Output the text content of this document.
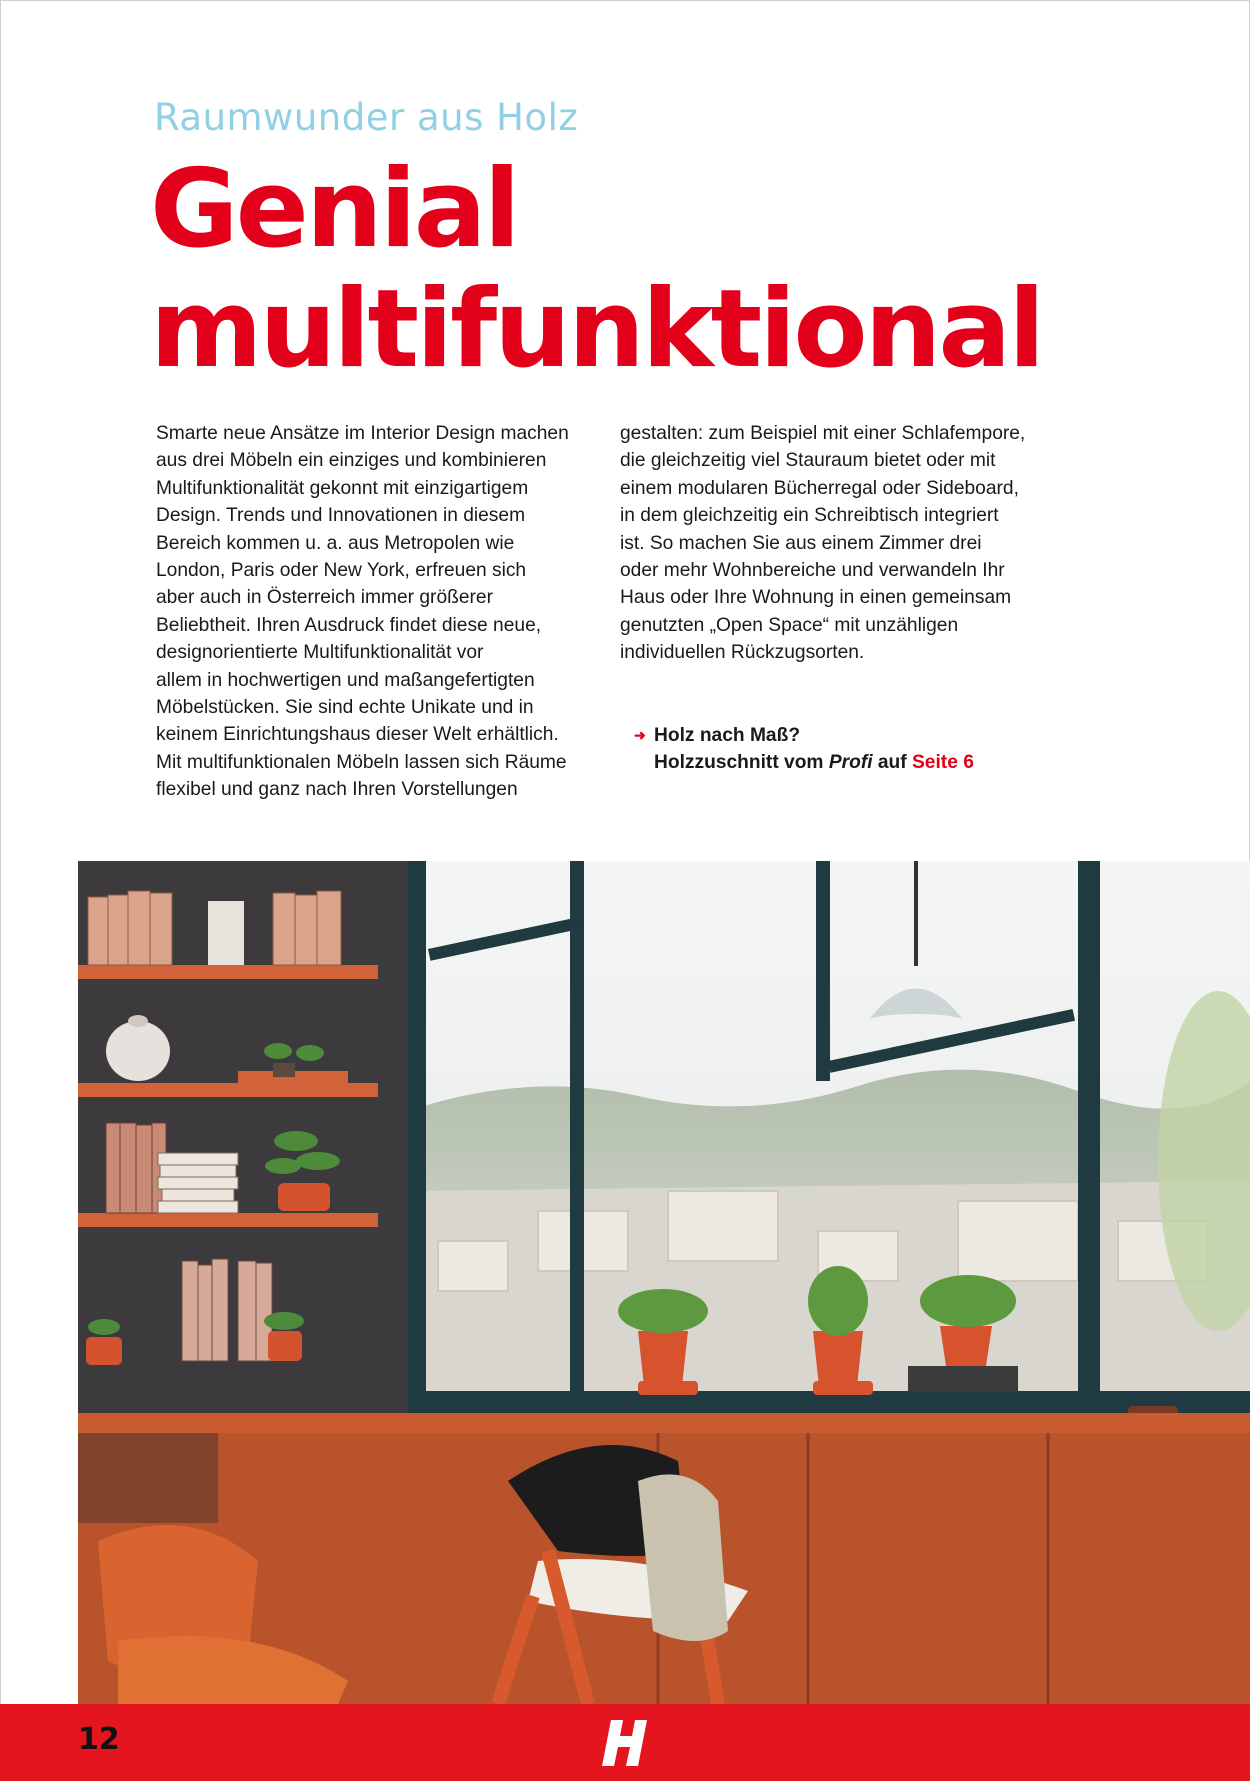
Raumwunder aus Holz
Genial
multifunktional

Smarte neue Ansätze im Interior Design machen
aus drei Möbeln ein einziges und kombinieren
Multifunktionalität gekonnt mit einzigartigem
Design. Trends und Innovationen in diesem
Bereich kommen u. a. aus Metropolen wie
London, Paris oder New York, erfreuen sich
aber auch in Österreich immer größerer
Beliebtheit. Ihren Ausdruck findet diese neue,
designorientierte Multifunktionalität vor
allem in hochwertigen und maßangefertigten
Möbelstücken. Sie sind echte Unikate und in
keinem Einrichtungshaus dieser Welt erhältlich.
Mit multifunktionalen Möbeln lassen sich Räume
flexibel und ganz nach Ihren Vorstellungen

gestalten: zum Beispiel mit einer Schlafempore,
die gleichzeitig viel Stauraum bietet oder mit
einem modularen Bücherregal oder Sideboard,
in dem gleichzeitig ein Schreibtisch integriert
ist. So machen Sie aus einem Zimmer drei
oder mehr Wohnbereiche und verwandeln Ihr
Haus oder Ihre Wohnung in einen gemeinsam
genutzten „Open Space“ mit unzähligen
individuellen Rückzugsorten.

➜ Holz nach Maß?
Holzzuschnitt vom Profi auf Seite 6
12
